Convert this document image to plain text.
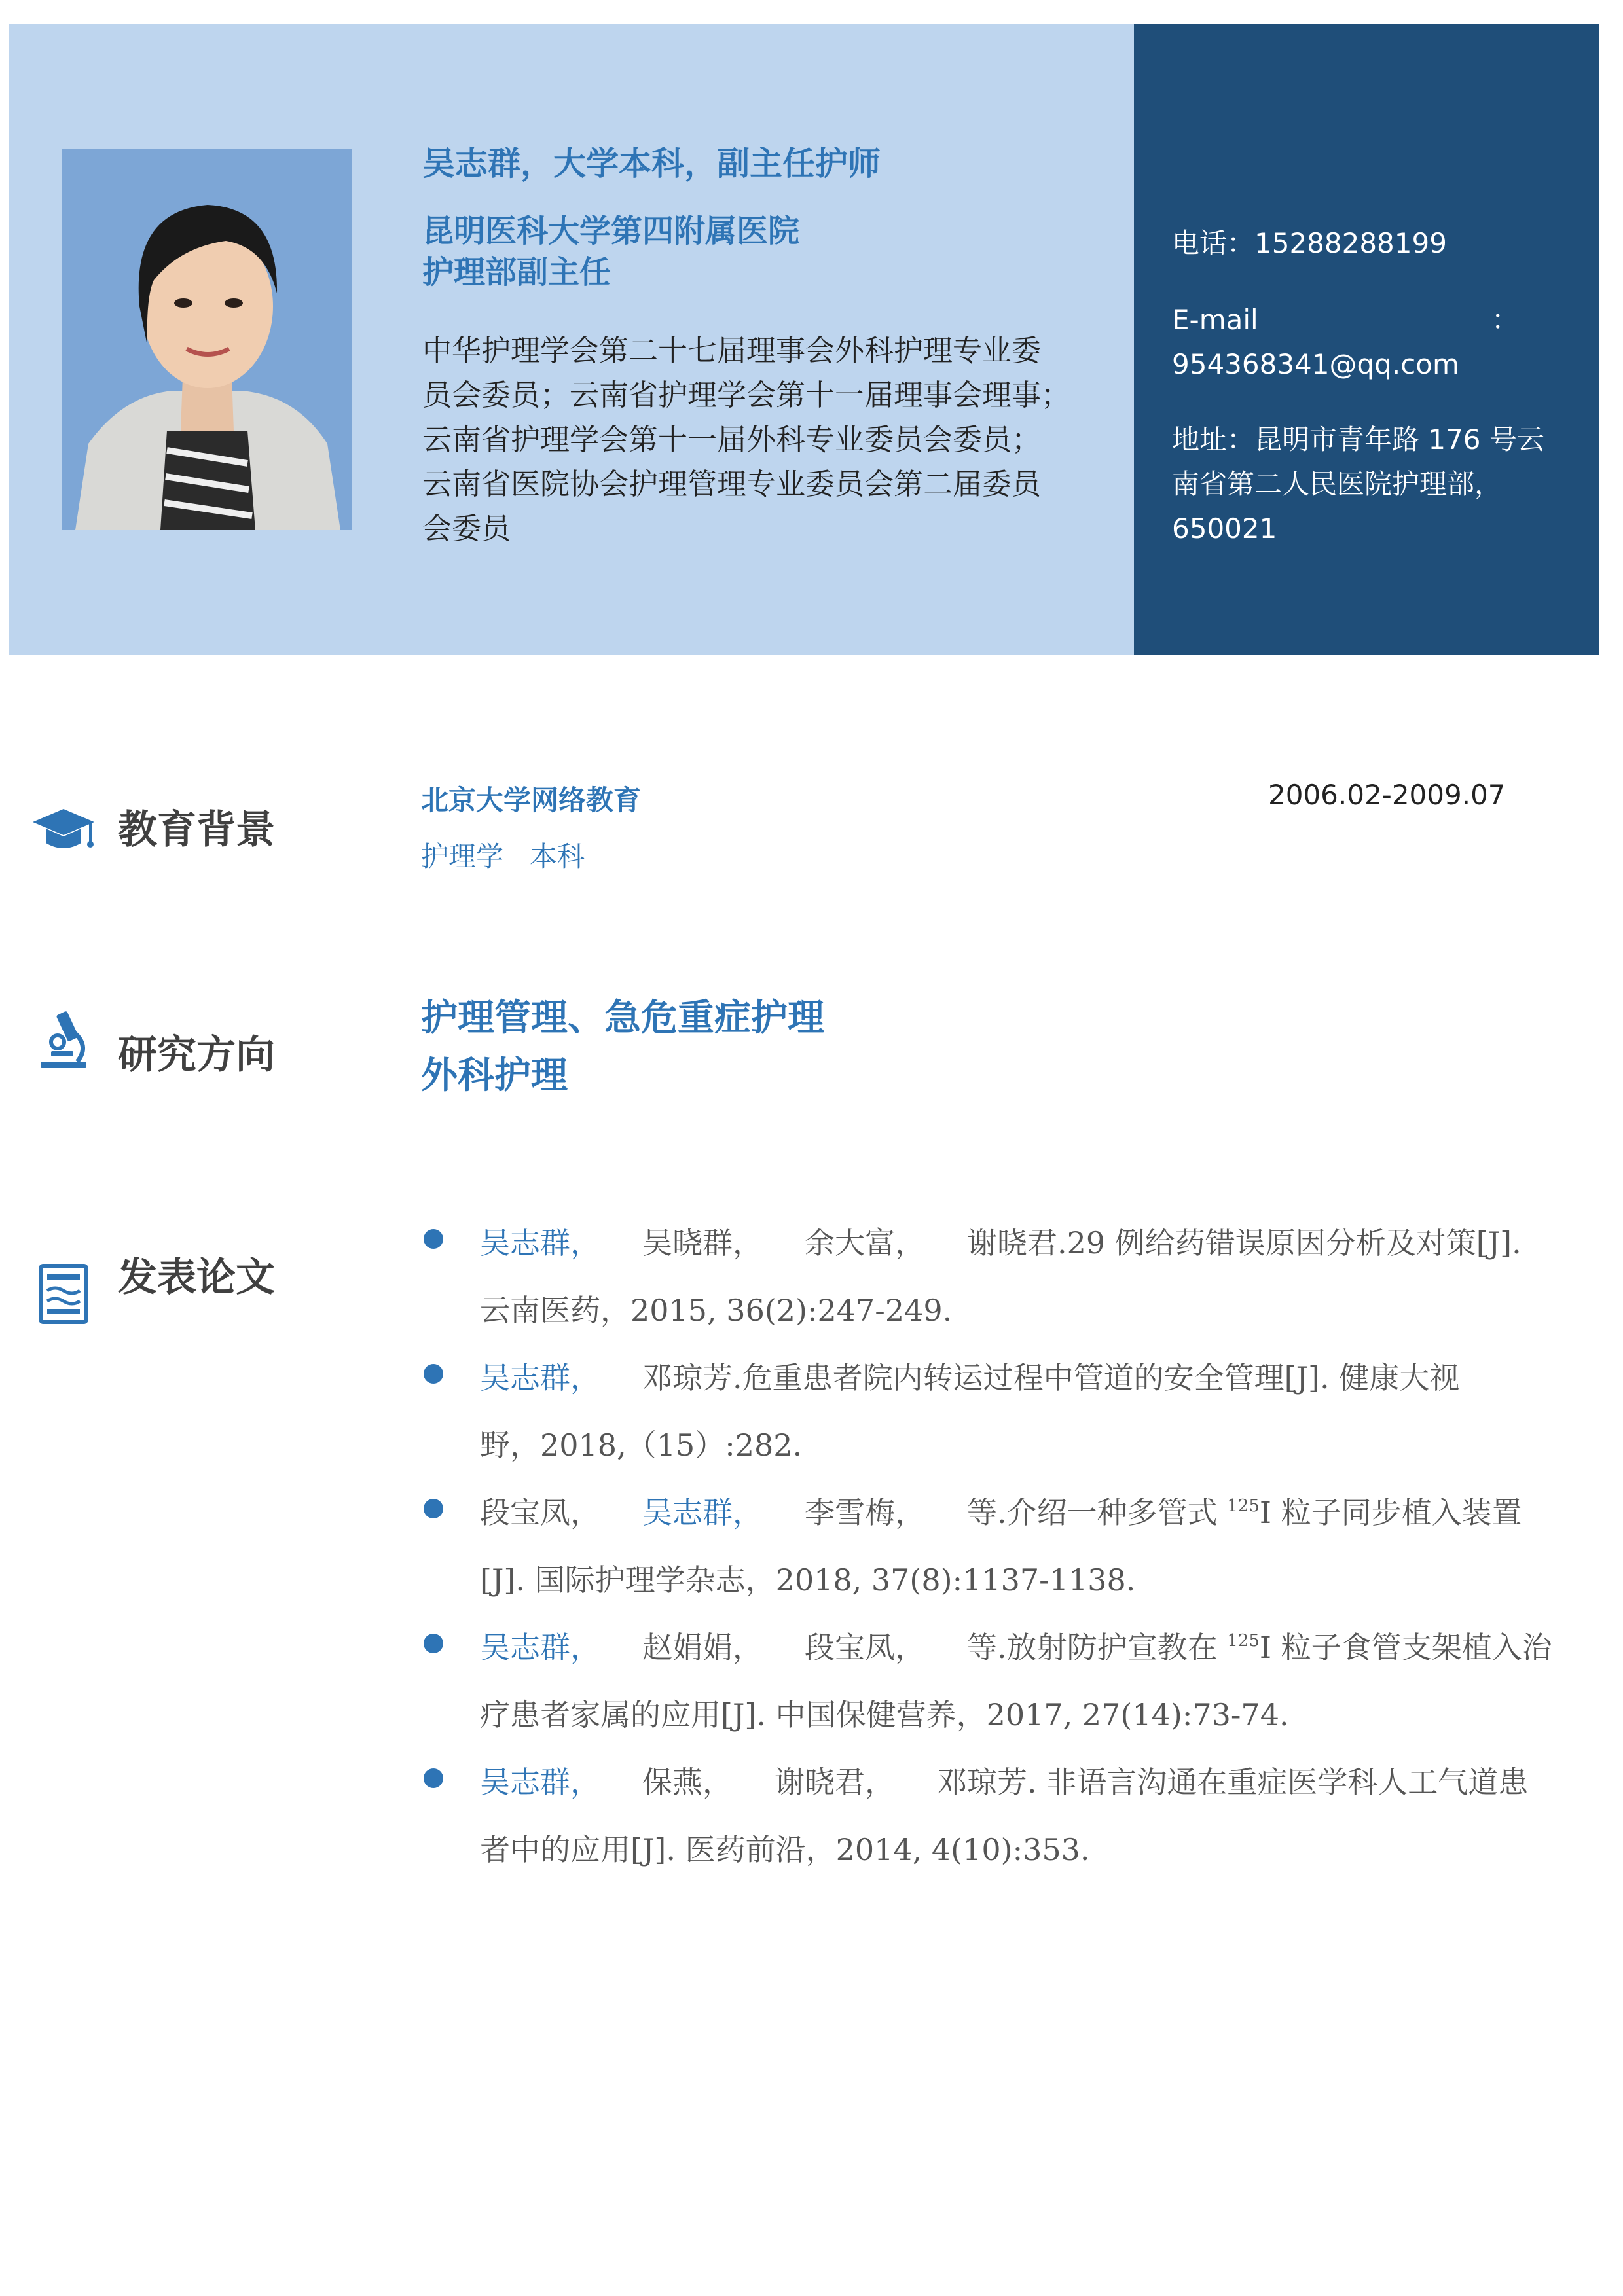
吴志群，大学本科，副主任护师
昆明医科大学第四附属医院
护理部副主任
中华护理学会第二十七届理事会外科护理专业委
员会委员；云南省护理学会第十一届理事会理事；
云南省护理学会第十一届外科专业委员会委员；
云南省医院协会护理管理专业委员会第二届委员
会委员
电话：15288288199
E-mail	：
954368341@qq.com
地址：昆明市青年路 176 号云
南省第二人民医院护理部，
650021
教育背景
北京大学网络教育	2006.02-2009.07
护理学 本科
研究方向
护理管理、急危重症护理
外科护理
发表论文
吴志群， 吴晓群， 余大富， 谢晓君.29 例给药错误原因分析及对策[J].
云南医药，2015, 36(2):247-249.
吴志群， 邓琼芳.危重患者院内转运过程中管道的安全管理[J]. 健康大视
野，2018,（15）:282.
段宝凤， 吴志群， 李雪梅， 等.介绍一种多管式 $^{125}$I 粒子同步植入装置
[J]. 国际护理学杂志，2018, 37(8):1137-1138.
吴志群， 赵娟娟， 段宝凤， 等.放射防护宣教在 $^{125}$I 粒子食管支架植入治
疗患者家属的应用[J]. 中国保健营养，2017, 27(14):73-74.
吴志群， 保燕， 谢晓君， 邓琼芳. 非语言沟通在重症医学科人工气道患
者中的应用[J]. 医药前沿，2014, 4(10):353.
